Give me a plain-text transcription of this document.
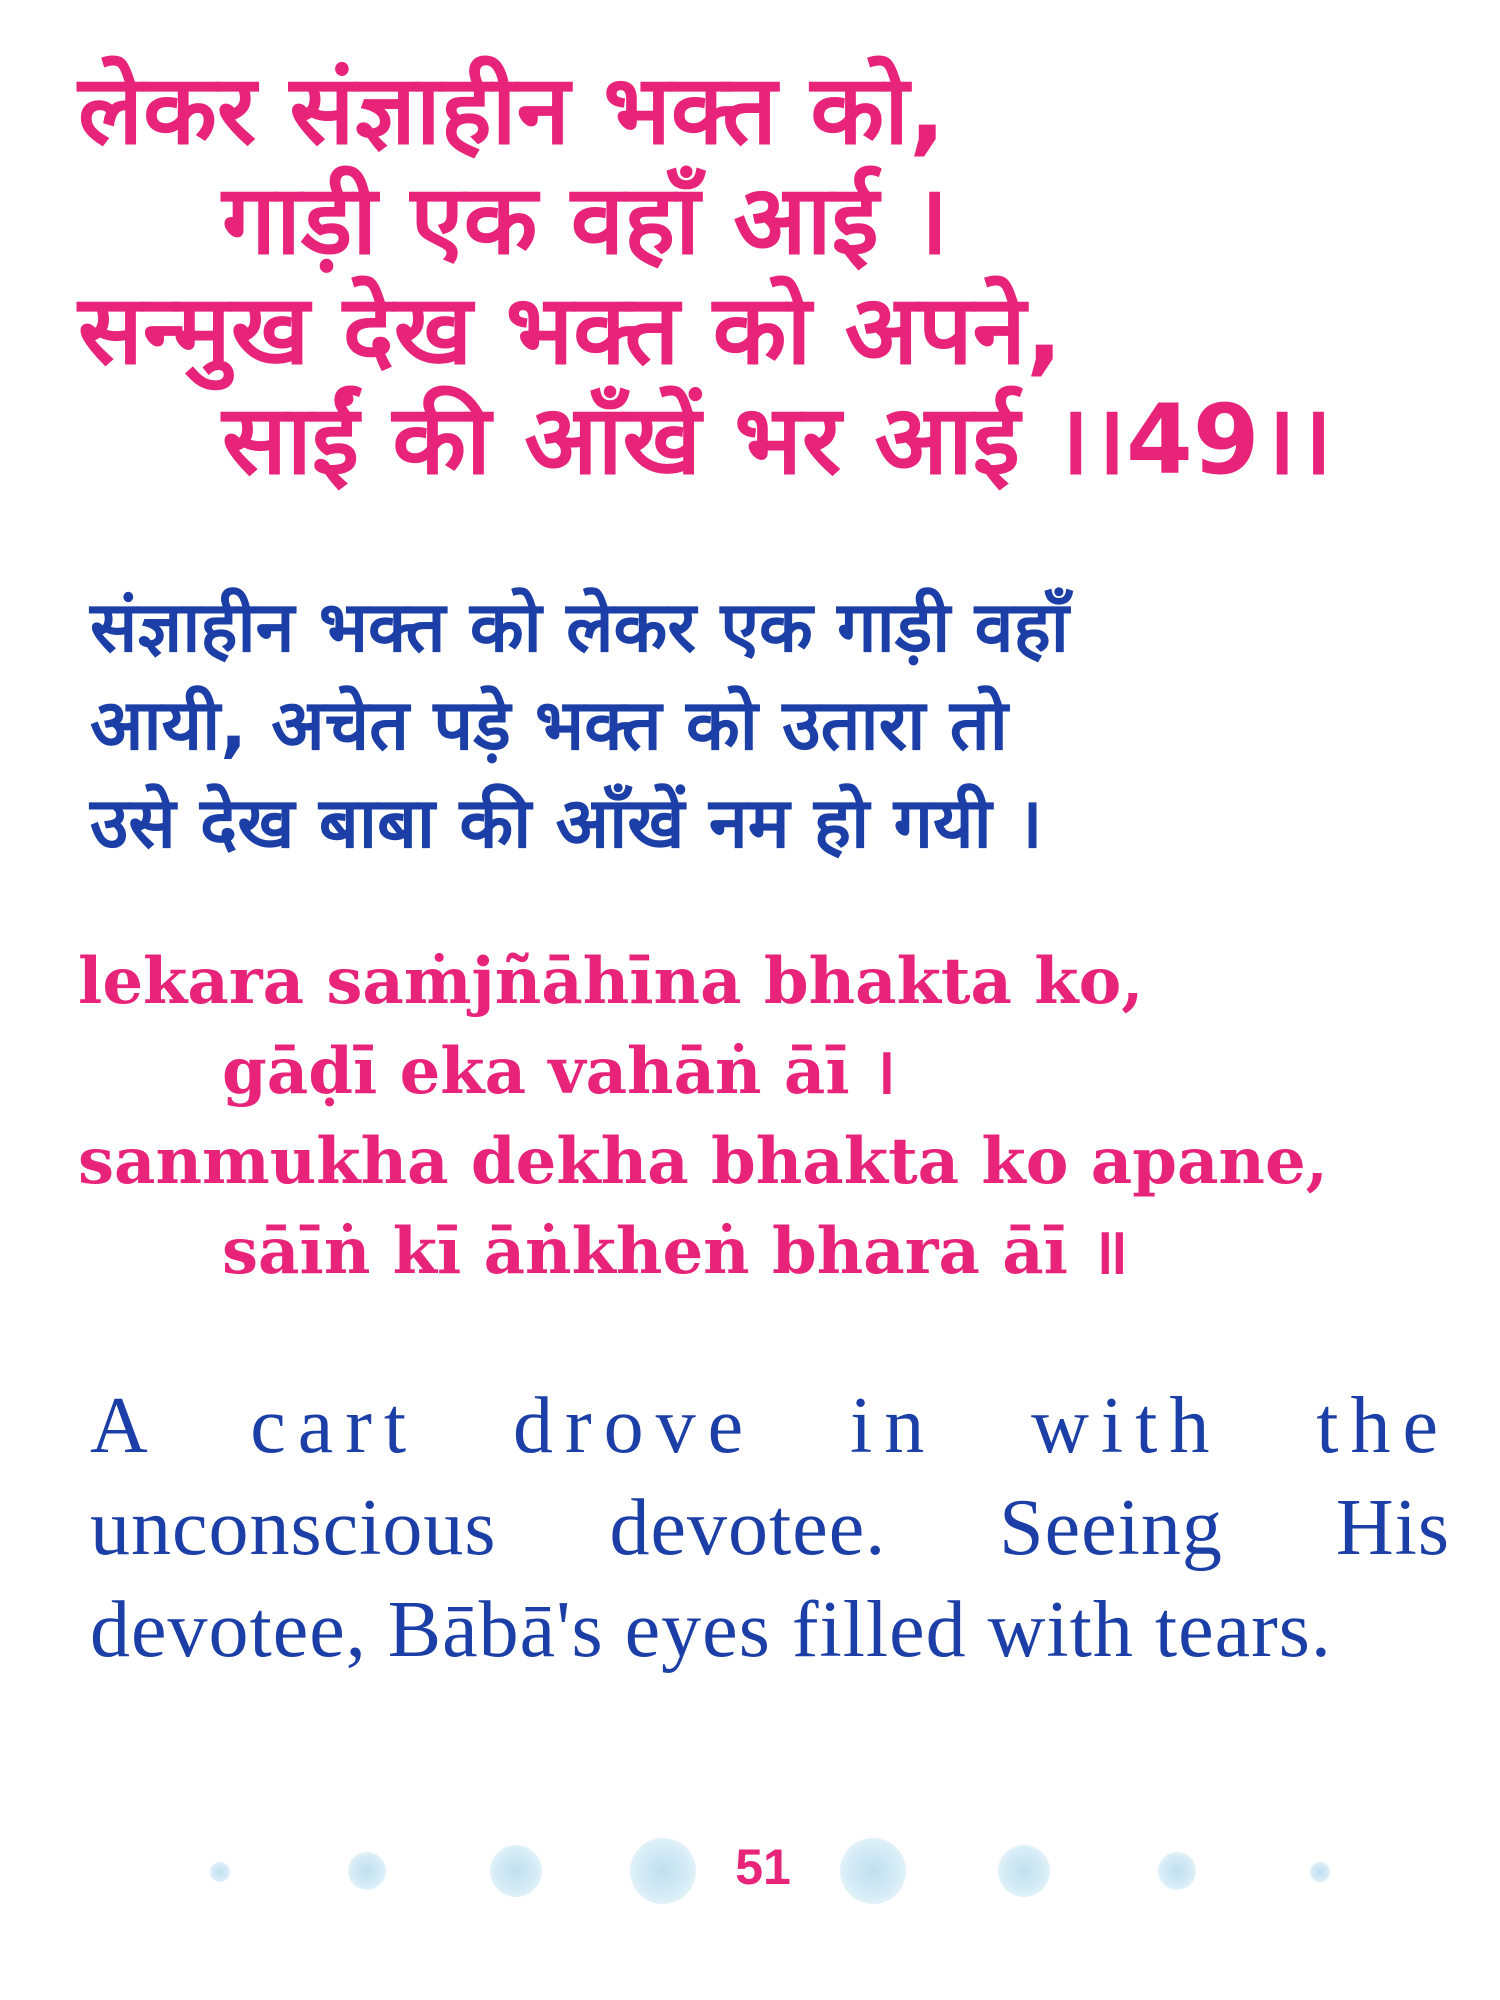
लेकर संज्ञाहीन भक्त को,

गाड़ी एक वहाँ आई ।

सन्मुख देख भक्त को अपने,

साईं की आँखें भर आई ।।49।।

संज्ञाहीन भक्त को लेकर एक गाड़ी वहाँ

आयी, अचेत पड़े भक्त को उतारा तो

उसे देख बाबा की आँखें नम हो गयी ।

lekara saṁjñāhīna bhakta ko,

gāḍī eka vahāṅ āī ।

sanmukha dekha bhakta ko apane,

sāīṅ kī āṅkheṅ bhara āī ॥

A cart drove in with the unconscious devotee. Seeing His devotee, Bābā's eyes filled with tears.

51
